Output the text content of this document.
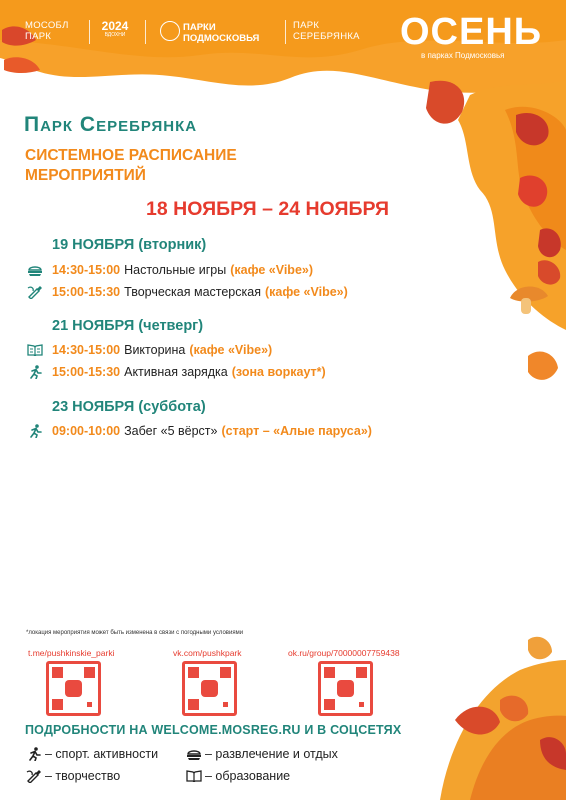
МОСОБЛ
ПАРК
2024
ВДОХНИ
ПАРКИ
ПОДМОСКОВЬЯ
ПАРК
СЕРЕБРЯНКА ОСЕНЬ
в парках Подмосковья
Парк Серебрянка
СИСТЕМНОЕ РАСПИСАНИЕ
МЕРОПРИЯТИЙ
18 НОЯБРЯ – 24 НОЯБРЯ
19 НОЯБРЯ (вторник)
14:30-15:00 Настольные игры (кафе «Vibe»)
15:00-15:30 Творческая мастерская (кафе «Vibe»)
21 НОЯБРЯ (четверг)
14:30-15:00 Викторина (кафе «Vibe»)
15:00-15:30 Активная зарядка (зона воркаут*)
23 НОЯБРЯ (суббота)
09:00-10:00 Забег «5 вёрст» (старт – «Алые паруса»)
*локация мероприятия может быть изменена в связи с погодными условиями
t.me/pushkinskie_parki	vk.com/pushkpark	ok.ru/group/70000007759438
ПОДРОБНОСТИ НА WELCOME.MOSREG.RU И В СОЦСЕТЯХ
– спорт. активности	– развлечение и отдых
– творчество	– образование
